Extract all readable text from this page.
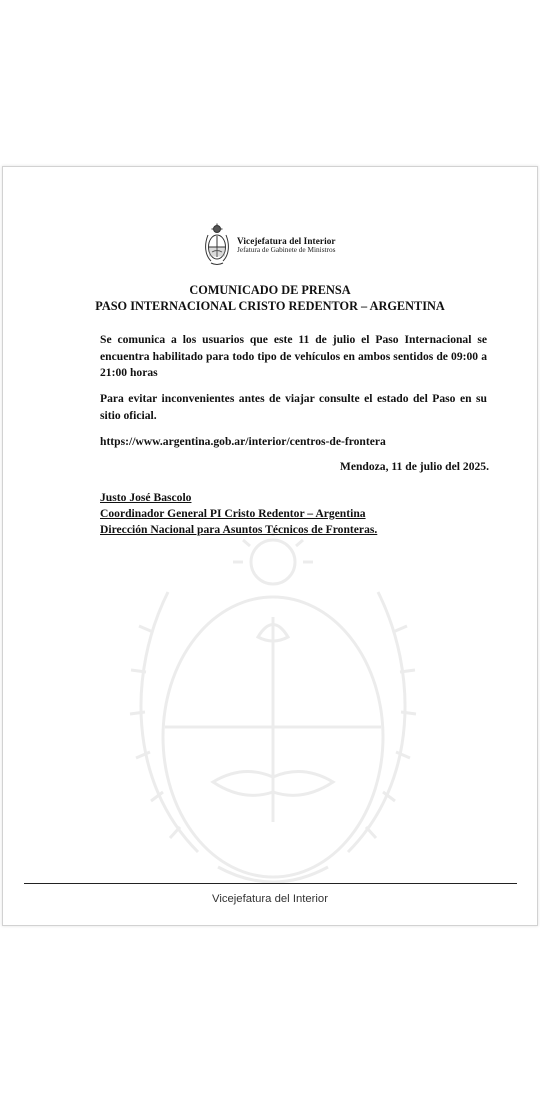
Vicejefatura del Interior
Jefatura de Gabinete de Ministros
COMUNICADO DE PRENSA
PASO INTERNACIONAL CRISTO REDENTOR – ARGENTINA
Se comunica a los usuarios que este 11 de julio el Paso Internacional se encuentra habilitado para todo tipo de vehículos en ambos sentidos de 09:00 a 21:00 horas
Para evitar inconvenientes antes de viajar consulte el estado del Paso en su sitio oficial.
https://www.argentina.gob.ar/interior/centros-de-frontera
Mendoza, 11 de julio del 2025.
Justo José Bascolo
Coordinador General PI Cristo Redentor – Argentina
Dirección Nacional para Asuntos Técnicos de Fronteras.
Vicejefatura del Interior
